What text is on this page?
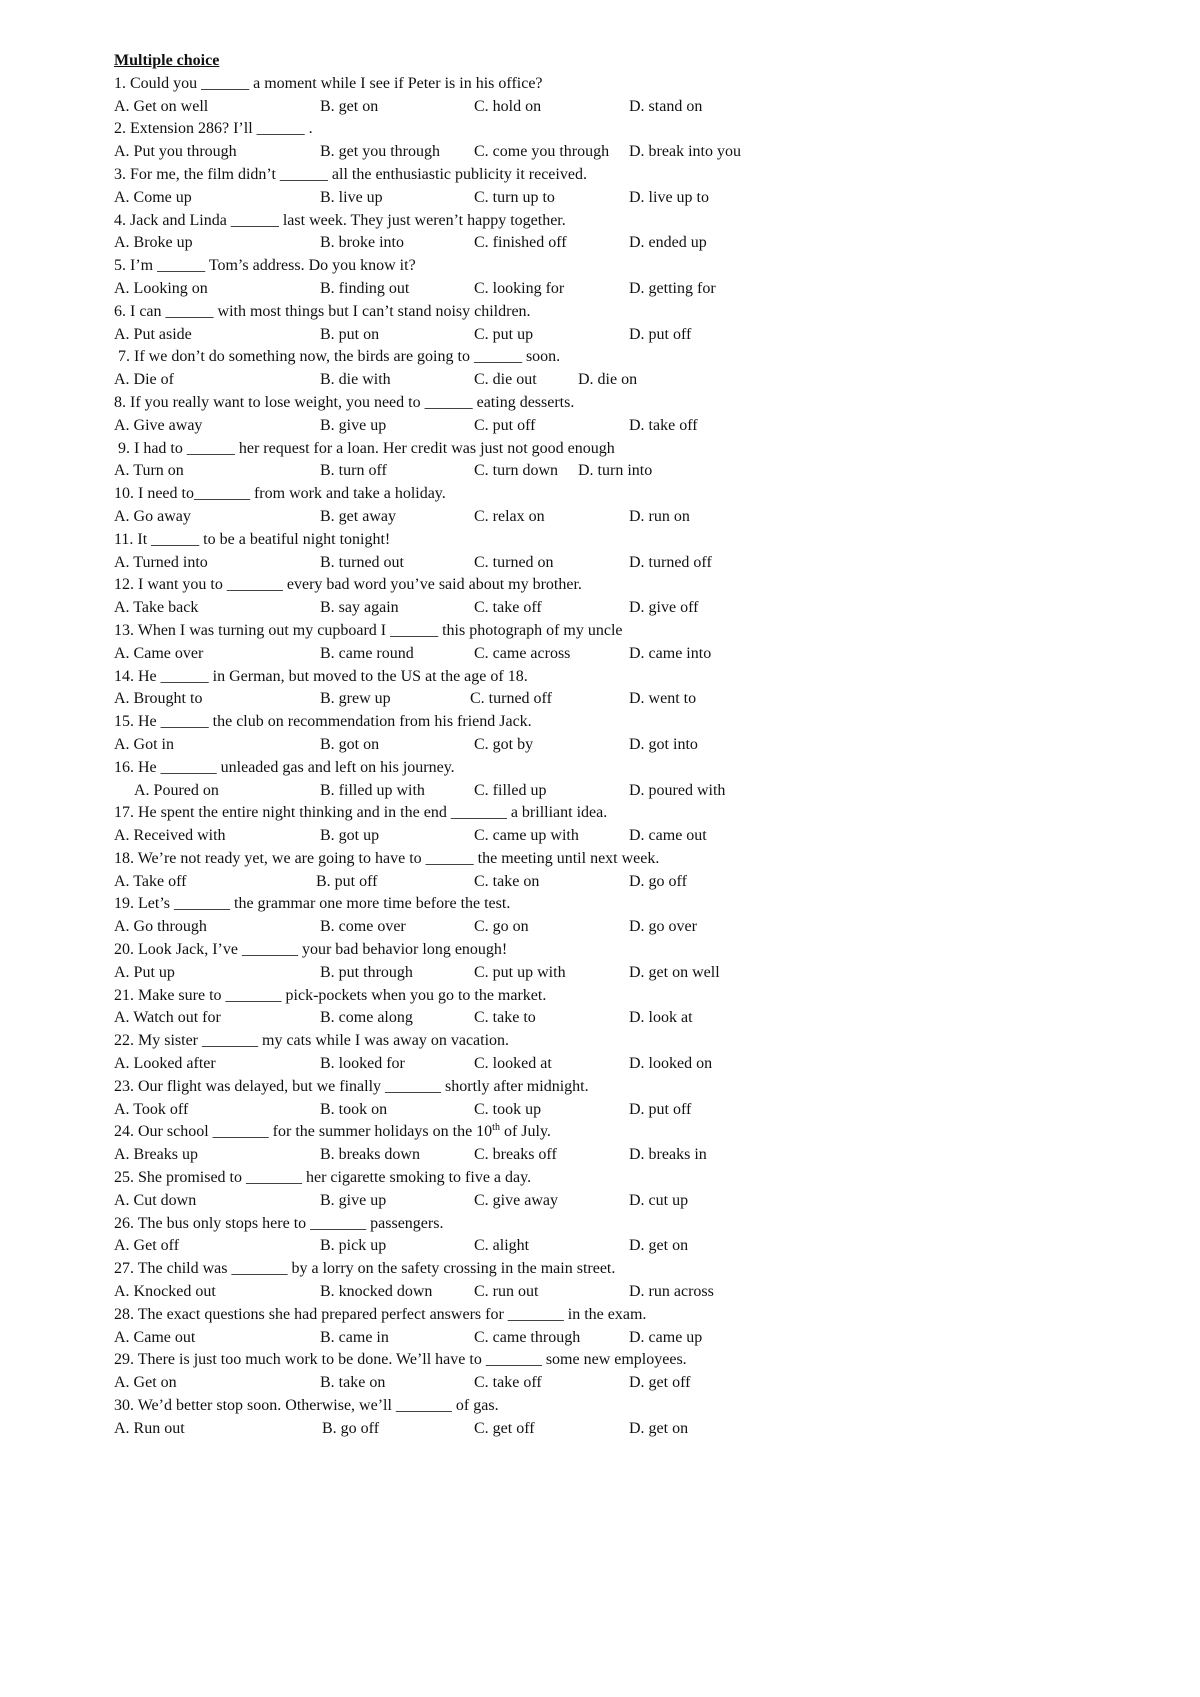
Multiple choice
1. Could you ______ a moment while I see if Peter is in his office?
A. Get on well	B. get on	C. hold on	D. stand on
2. Extension 286? I’ll ______ .
A. Put you through	B. get you through C. come you through D. break into you
3. For me, the film didn’t ______ all the enthusiastic publicity it received.
A. Come up	B. live up	C. turn up to	D. live up to
4. Jack and Linda ______ last week. They just weren’t happy together.
A. Broke up	B. broke into	C. finished off	D. ended up
5. I’m ______ Tom’s address. Do you know it?
A. Looking on	B. finding out	C. looking for	D. getting for
6. I can ______ with most things but I can’t stand noisy children.
A. Put aside	B. put on	C. put up	D. put off
7. If we don’t do something now, the birds are going to ______ soon.
A. Die of	B. die with	C. die out	D. die on
8. If you really want to lose weight, you need to ______ eating desserts.
A. Give away	B. give up	C. put off	D. take off
9. I had to ______ her request for a loan. Her credit was just not good enough
A. Turn on	B. turn off	C. turn down D. turn into
10. I need to_______ from work and take a holiday.
A. Go away	B. get away	C. relax on	D. run on
11. It ______ to be a beatiful night tonight!
A. Turned into	B. turned out	C. turned on	D. turned off
12. I want you to _______ every bad word you’ve said about my brother.
A. Take back	B. say again	C. take off	D. give off
13. When I was turning out my cupboard I ______ this photograph of my uncle
A. Came over	B. came round	C. came across	D. came into
14. He ______ in German, but moved to the US at the age of 18.
A. Brought to	B. grew up	C. turned off	D. went to
15. He ______ the club on recommendation from his friend Jack.
A. Got in	B. got on	C. got by	D. got into
16. He _______ unleaded gas and left on his journey.
A. Poured on	B. filled up with	C. filled up	D. poured with
17. He spent the entire night thinking and in the end _______ a brilliant idea.
A. Received with	B. got up	C. came up with	D. came out
18. We’re not ready yet, we are going to have to ______ the meeting until next week.
A. Take off	B. put off	C. take on	D. go off
19. Let’s _______ the grammar one more time before the test.
A. Go through	B. come over	C. go on	D. go over
20. Look Jack, I’ve _______ your bad behavior long enough!
A. Put up	B. put through	C. put up with	D. get on well
21. Make sure to _______ pick-pockets when you go to the market.
A. Watch out for	B. come along	C. take to	D. look at
22. My sister _______ my cats while I was away on vacation.
A. Looked after	B. looked for	C. looked at	D. looked on
23. Our flight was delayed, but we finally _______ shortly after midnight.
A. Took off	B. took on	C. took up	D. put off
24. Our school _______ for the summer holidays on the 10th of July.
A. Breaks up	B. breaks down	C. breaks off	D. breaks in
25. She promised to _______ her cigarette smoking to five a day.
A. Cut down	B. give up	C. give away	D. cut up
26. The bus only stops here to _______ passengers.
A. Get off	B. pick up	C. alight	D. get on
27. The child was _______ by a lorry on the safety crossing in the main street.
A. Knocked out	B. knocked down	C. run out	D. run across
28. The exact questions she had prepared perfect answers for _______ in the exam.
A. Came out	B. came in	C. came through	D. came up
29. There is just too much work to be done. We’ll have to _______ some new employees.
A. Get on	B. take on	C. take off	D. get off
30. We’d better stop soon. Otherwise, we’ll _______ of gas.
A. Run out	B. go off	C. get off	D. get on
